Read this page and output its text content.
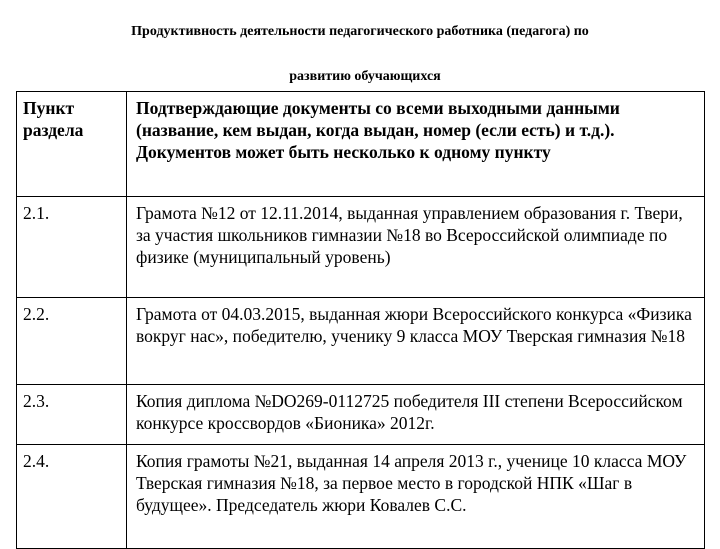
Продуктивность деятельности педагогического работника (педагога) по
развитию обучающихся
Пункт раздела	Подтверждающие документы со всеми выходными данными (название, кем выдан, когда выдан, номер (если есть) и т.д.). Документов может быть несколько к одному пункту
2.1.	Грамота №12 от 12.11.2014, выданная управлением образования г. Твери, за участия школьников гимназии №18 во Всероссийской олимпиаде по физике (муниципальный уровень)
2.2.	Грамота от 04.03.2015, выданная жюри Всероссийского конкурса «Физика вокруг нас», победителю, ученику 9 класса МОУ Тверская гимназия №18
2.3.	Копия диплома №DO269-0112725 победителя III степени Всероссийском конкурсе кроссвордов «Бионика» 2012г.
2.4.	Копия грамоты №21, выданная 14 апреля 2013 г., ученице 10 класса МОУ Тверская гимназия №18, за первое место в городской НПК «Шаг в будущее». Председатель жюри Ковалев С.С.
